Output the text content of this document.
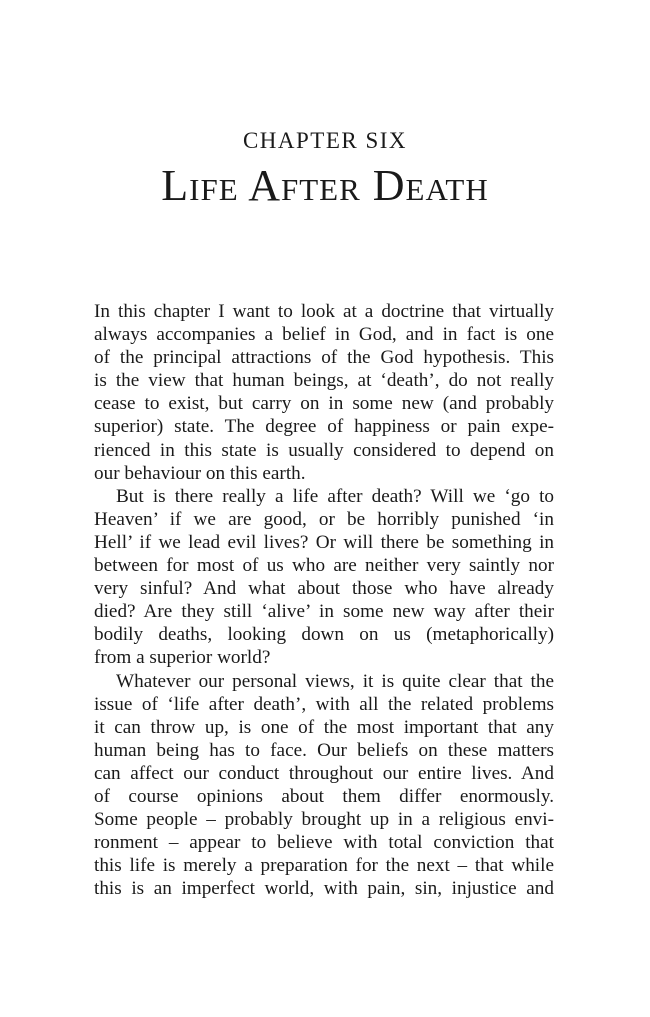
CHAPTER SIX
Life After Death
In this chapter I want to look at a doctrine that virtually
always accompanies a belief in God, and in fact is one
of the principal attractions of the God hypothesis. This
is the view that human beings, at ‘death’, do not really
cease to exist, but carry on in some new (and probably
superior) state. The degree of happiness or pain expe-
rienced in this state is usually considered to depend on
our behaviour on this earth.
But is there really a life after death? Will we ‘go to
Heaven’ if we are good, or be horribly punished ‘in
Hell’ if we lead evil lives? Or will there be something in
between for most of us who are neither very saintly nor
very sinful? And what about those who have already
died? Are they still ‘alive’ in some new way after their
bodily deaths, looking down on us (metaphorically)
from a superior world?
Whatever our personal views, it is quite clear that the
issue of ‘life after death’, with all the related problems
it can throw up, is one of the most important that any
human being has to face. Our beliefs on these matters
can affect our conduct throughout our entire lives. And
of course opinions about them differ enormously.
Some people – probably brought up in a religious envi-
ronment – appear to believe with total conviction that
this life is merely a preparation for the next – that while
this is an imperfect world, with pain, sin, injustice and
